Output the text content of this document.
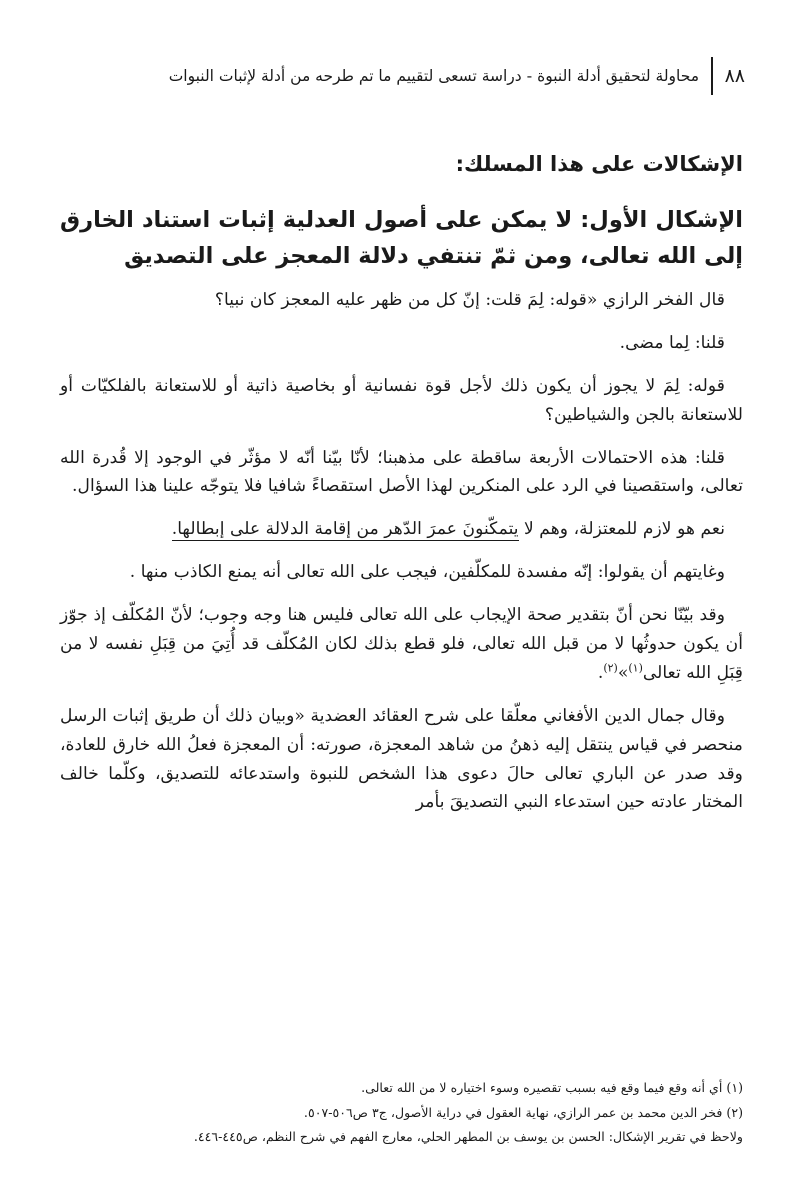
٨٨
محاولة لتحقيق أدلة النبوة - دراسة تسعى لتقييم ما تم طرحه من أدلة لإثبات النبوات
الإشكالات على هذا المسلك:
الإشكال الأول: لا يمكن على أصول العدلية إثبات استناد الخارق إلى الله تعالى، ومن ثمّ تنتفي دلالة المعجز على التصديق

قال الفخر الرازي «قوله: لِمَ قلت: إنّ كل من ظهر عليه المعجز كان نبيا؟

قلنا: لِما مضى.

قوله: لِمَ لا يجوز أن يكون ذلك لأجل قوة نفسانية أو بخاصية ذاتية أو للاستعانة بالفلكيّات أو للاستعانة بالجن والشياطين؟

قلنا: هذه الاحتمالات الأربعة ساقطة على مذهبنا؛ لأنّا بيّنا أنّه لا مؤثّر في الوجود إلا قُدرة الله تعالى، واستقصينا في الرد على المنكرين لهذا الأصل استقصاءً شافيا فلا يتوجّه علينا هذا السؤال.

نعم هو لازم للمعتزلة، وهم لا يتمكّنونَ عمرَ الدّهر من إقامة الدلالة على إبطالها.

وغايتهم أن يقولوا: إنّه مفسدة للمكلّفين، فيجب على الله تعالى أنه يمنع الكاذب منها .

وقد بيّنّا نحن أنّ بتقدير صحة الإيجاب على الله تعالى فليس هنا وجه وجوب؛ لأنّ المُكلّف إذ جوّز أن يكون حدوثُها لا من قبل الله تعالى، فلو قطع بذلك لكان المُكلّف قد أُتِيَ من قِبَلِ نفسه لا من قِبَلِ الله تعالى$^{(١)}$»$^{(٢)}$.

وقال جمال الدين الأفغاني معلّقا على شرح العقائد العضدية «وبيان ذلك أن طريق إثبات الرسل منحصر في قياس ينتقل إليه ذهنُ من شاهد المعجزة، صورته: أن المعجزة فعلُ الله خارق للعادة، وقد صدر عن الباري تعالى حالَ دعوى هذا الشخص للنبوة واستدعائه للتصديق، وكلّما خالف المختار عادته حين استدعاء النبي التصديقَ بأمر

(١) أي أنه وقع فيما وقع فيه بسبب تقصيره وسوء اختياره لا من الله تعالى.

(٢) فخر الدين محمد بن عمر الرازي، نهاية العقول في دراية الأصول، ج٣ ص٥٠٦-٥٠٧.

ولاحظ في تقرير الإشكال: الحسن بن يوسف بن المطهر الحلي، معارج الفهم في شرح النظم، ص٤٤٥-٤٤٦.
